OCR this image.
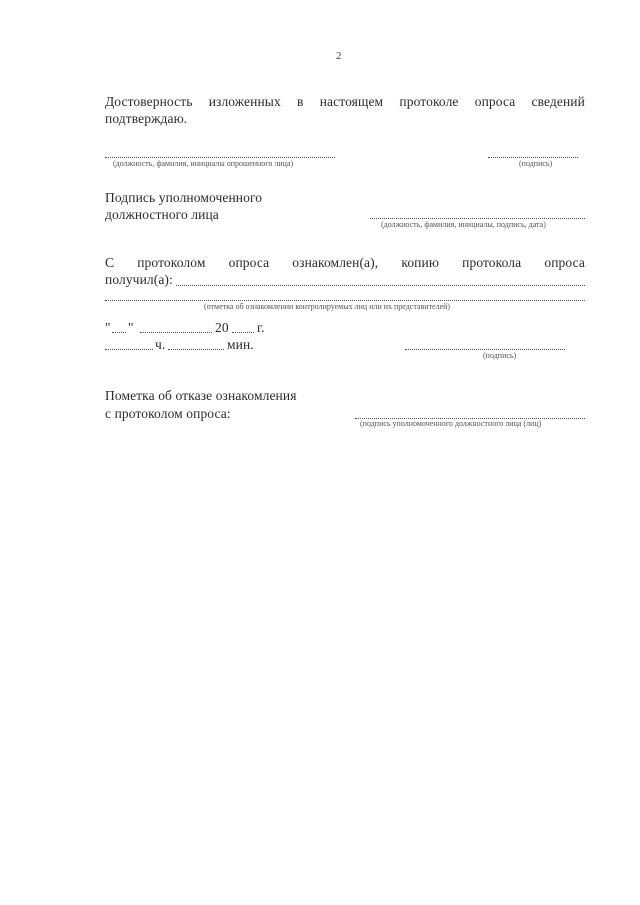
2
Достоверность изложенных в настоящем протоколе опроса сведений
подтверждаю.
(должность, фамилия, инициалы опрошенного лица)	(подпись)
Подпись уполномоченного
должностного лица
(должность, фамилия, инициалы, подпись, дата)
С протоколом опроса ознакомлен(а), копию протокола опроса
получил(а):
(отметка об ознакомлении контролируемых лиц или их представителей)
" "	20 г.
ч.	мин.
(подпись)
Пометка об отказе ознакомления
с протоколом опроса:
(подпись уполномоченного должностного лица (лиц)
